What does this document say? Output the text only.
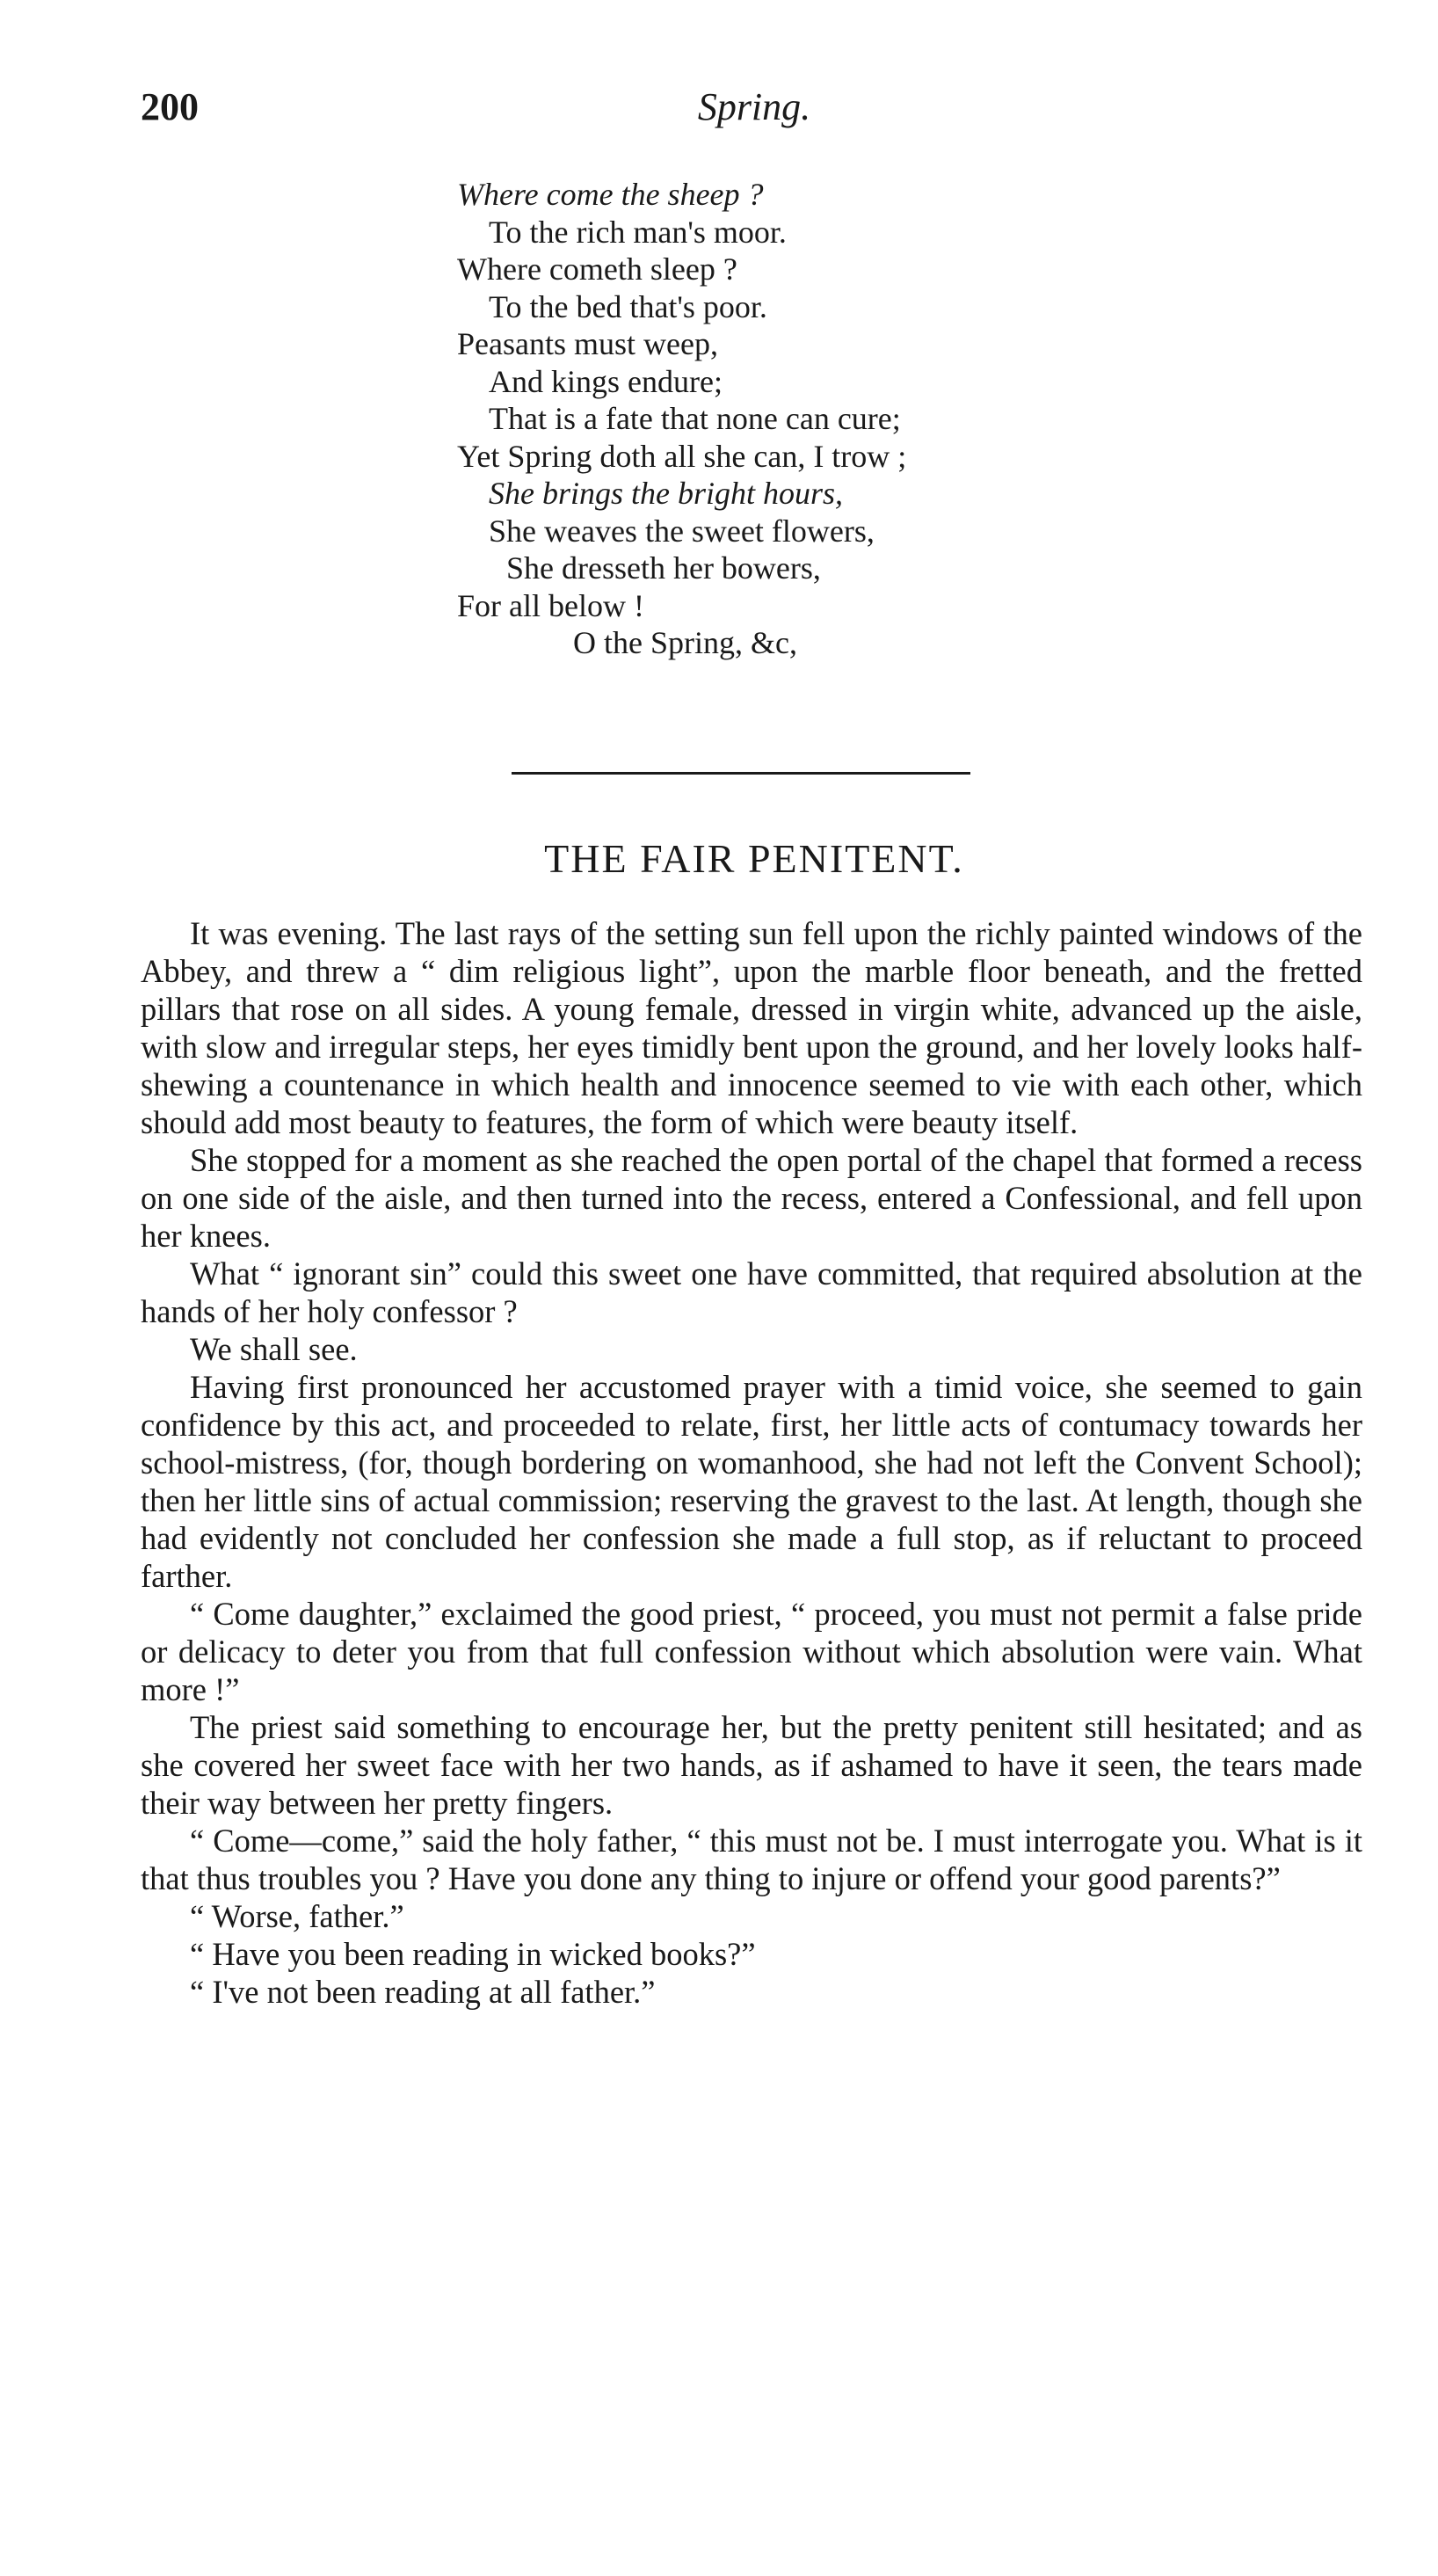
200	Spring.
Where come the sheep ?
To the rich man's moor.
Where cometh sleep ?
To the bed that's poor.
Peasants must weep,
And kings endure;
That is a fate that none can cure;
Yet Spring doth all she can, I trow ;
She brings the bright hours,
She weaves the sweet flowers,
She dresseth her bowers,
For all below !
O the Spring, &c,
THE FAIR PENITENT.

It was evening. The last rays of the setting sun fell upon the richly painted windows of the Abbey, and threw a “ dim religious light”, upon the marble floor beneath, and the fretted pillars that rose on all sides. A young female, dressed in virgin white, advanced up the aisle, with slow and irregular steps, her eyes timidly bent upon the ground, and her lovely looks half-shewing a countenance in which health and innocence seemed to vie with each other, which should add most beauty to features, the form of which were beauty itself.

She stopped for a moment as she reached the open portal of the chapel that formed a recess on one side of the aisle, and then turned into the recess, entered a Confessional, and fell upon her knees.

What “ ignorant sin” could this sweet one have committed, that required absolution at the hands of her holy confessor ?

We shall see.

Having first pronounced her accustomed prayer with a timid voice, she seemed to gain confidence by this act, and proceeded to relate, first, her little acts of contumacy towards her school-mistress, (for, though bordering on womanhood, she had not left the Convent School); then her little sins of actual commission; reserving the gravest to the last. At length, though she had evidently not concluded her confession she made a full stop, as if reluctant to proceed farther.

“ Come daughter,” exclaimed the good priest, “ proceed, you must not permit a false pride or delicacy to deter you from that full confession without which absolution were vain. What more !”

The priest said something to encourage her, but the pretty penitent still hesitated; and as she covered her sweet face with her two hands, as if ashamed to have it seen, the tears made their way between her pretty fingers.

“ Come—come,” said the holy father, “ this must not be. I must interrogate you. What is it that thus troubles you ? Have you done any thing to injure or offend your good parents?”

“ Worse, father.”

“ Have you been reading in wicked books?”

“ I've not been reading at all father.”
